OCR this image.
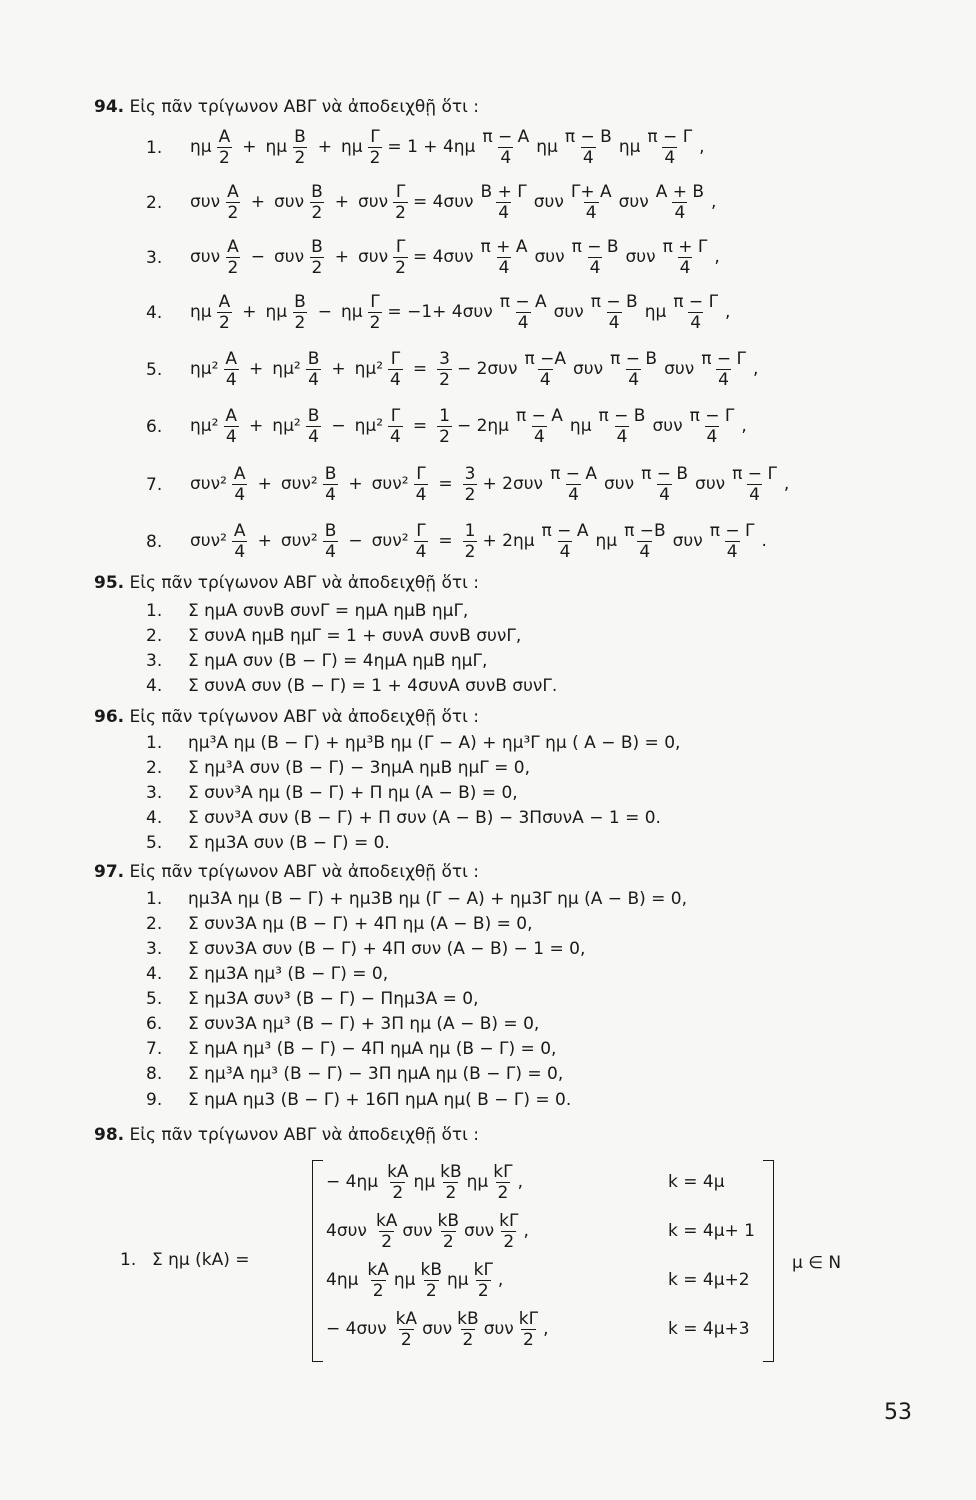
94. Εἰς πᾶν τρίγωνον ΑΒΓ νὰ ἀποδειχθῇ ὅτι :
1. ημ $\frac{A}{2} + \eta\mu \frac{B}{2} + \eta\mu \frac{\Gamma}{2} = 1 + 4\eta\mu \frac{\pi - A}{4}$ ημ $\frac{\pi - B}{4}$ ημ $\frac{\pi - \Gamma}{4}$ ,
2. συν $\frac{A}{2} + \sigma\upsilon\nu \frac{B}{2} + \sigma\upsilon\nu \frac{\Gamma}{2} = 4\sigma\upsilon\nu \frac{B + \Gamma}{4}$ συν $\frac{\Gamma+ A}{4}$ συν $\frac{A + B}{4}$ ,
3. συν $\frac{A}{2} - \sigma\upsilon\nu \frac{B}{2} + \sigma\upsilon\nu \frac{\Gamma}{2} = 4\sigma\upsilon\nu \frac{\pi + A}{4}$ συν $\frac{\pi - B}{4}$ συν $\frac{\pi + \Gamma}{4}$ ,
4. ημ $\frac{A}{2} + \eta\mu \frac{B}{2} - \eta\mu \frac{\Gamma}{2} = -1+ 4\sigma\upsilon\nu \frac{\pi - A}{4}$ συν $\frac{\pi - B}{4}$ ημ $\frac{\pi - \Gamma}{4}$ ,
5. $\eta\mu^2 \frac{A}{4} + \eta\mu^2 \frac{B}{4} + \eta\mu^2 \frac{\Gamma}{4} = \frac{3}{2} - 2\sigma\upsilon\nu \frac{\pi -A}{4}$ συν $\frac{\pi - B}{4}$ συν $\frac{\pi - \Gamma}{4}$ ,
6. $\eta\mu^2 \frac{A}{4} + \eta\mu^2 \frac{B}{4} - \eta\mu^2 \frac{\Gamma}{4} = \frac{1}{2} - 2\eta\mu \frac{\pi - A}{4}$ ημ $\frac{\pi - B}{4}$ συν $\frac{\pi - \Gamma}{4}$ ,
7. $\sigma\upsilon\nu^2 \frac{A}{4} + \sigma\upsilon\nu^2 \frac{B}{4} + \sigma\upsilon\nu^2 \frac{\Gamma}{4} = \frac{3}{2} + 2\sigma\upsilon\nu \frac{\pi - A}{4}$ συν $\frac{\pi - B}{4}$ συν $\frac{\pi - \Gamma}{4}$ ,
8. $\sigma\upsilon\nu^2 \frac{A}{4} + \sigma\upsilon\nu^2 \frac{B}{4} - \sigma\upsilon\nu^2 \frac{\Gamma}{4} = \frac{1}{2} + 2\eta\mu \frac{\pi - A}{4}$ ημ $\frac{\pi -B}{4}$ συν $\frac{\pi - \Gamma}{4}$ .
95. Εἰς πᾶν τρίγωνον ΑΒΓ νὰ ἀποδειχθῇ ὅτι :
1. Σ ημΑ συνΒ συνΓ = ημΑ ημΒ ημΓ,
2. Σ συνΑ ημΒ ημΓ = 1 + συνΑ συνΒ συνΓ,
3. Σ ημΑ συν (Β − Γ) = 4ημΑ ημΒ ημΓ,
4. Σ συνΑ συν (Β − Γ) = 1 + 4συνΑ συνΒ συνΓ.
96. Εἰς πᾶν τρίγωνον ΑΒΓ νὰ ἀποδειχθῇ ὅτι :
1. ημ³Α ημ (Β − Γ) + ημ³Β ημ (Γ − Α) + ημ³Γ ημ ( Α − Β) = 0,
2. Σ ημ³Α συν (Β − Γ) − 3ημΑ ημΒ ημΓ = 0,
3. Σ συν³Α ημ (Β − Γ) + Π ημ (Α − Β) = 0,
4. Σ συν³Α συν (Β − Γ) + Π συν (Α − Β) − 3ΠσυνΑ − 1 = 0.
5. Σ ημ3Α συν (Β − Γ) = 0.
97. Εἰς πᾶν τρίγωνον ΑΒΓ νὰ ἀποδειχθῇ ὅτι :
1. ημ3Α ημ (Β − Γ) + ημ3Β ημ (Γ − Α) + ημ3Γ ημ (Α − Β) = 0,
2. Σ συν3Α ημ (Β − Γ) + 4Π ημ (Α − Β) = 0,
3. Σ συν3Α συν (Β − Γ) + 4Π συν (Α − Β) − 1 = 0,
4. Σ ημ3Α ημ³ (Β − Γ) = 0,
5. Σ ημ3Α συν³ (Β − Γ) − Πημ3Α = 0,
6. Σ συν3Α ημ³ (Β − Γ) + 3Π ημ (Α − Β) = 0,
7. Σ ημΑ ημ³ (Β − Γ) − 4Π ημΑ ημ (Β − Γ) = 0,
8. Σ ημ³Α ημ³ (Β − Γ) − 3Π ημΑ ημ (Β − Γ) = 0,
9. Σ ημΑ ημ3 (Β − Γ) + 16Π ημΑ ημ( Β − Γ) = 0.
98. Εἰς πᾶν τρίγωνον ΑΒΓ νὰ ἀποδειχθῇ ὅτι :
1. Σ ημ (kΑ) =
− $4\eta\mu \frac{kA}{2}$ ημ $\frac{kB}{2}$ ημ $\frac{k\Gamma}{2}$ ,	k = 4μ
$4\sigma\upsilon\nu \frac{kA}{2}$ συν $\frac{kB}{2}$ συν $\frac{k\Gamma}{2}$ ,	k = 4μ+ 1
$4\eta\mu \frac{kA}{2}$ ημ $\frac{kB}{2}$ ημ $\frac{k\Gamma}{2}$ ,	k = 4μ+2
− $4\sigma\upsilon\nu \frac{kA}{2}$ συν $\frac{kB}{2}$ συν $\frac{k\Gamma}{2}$ ,	k = 4μ+3
μ ∈ Ν
53
